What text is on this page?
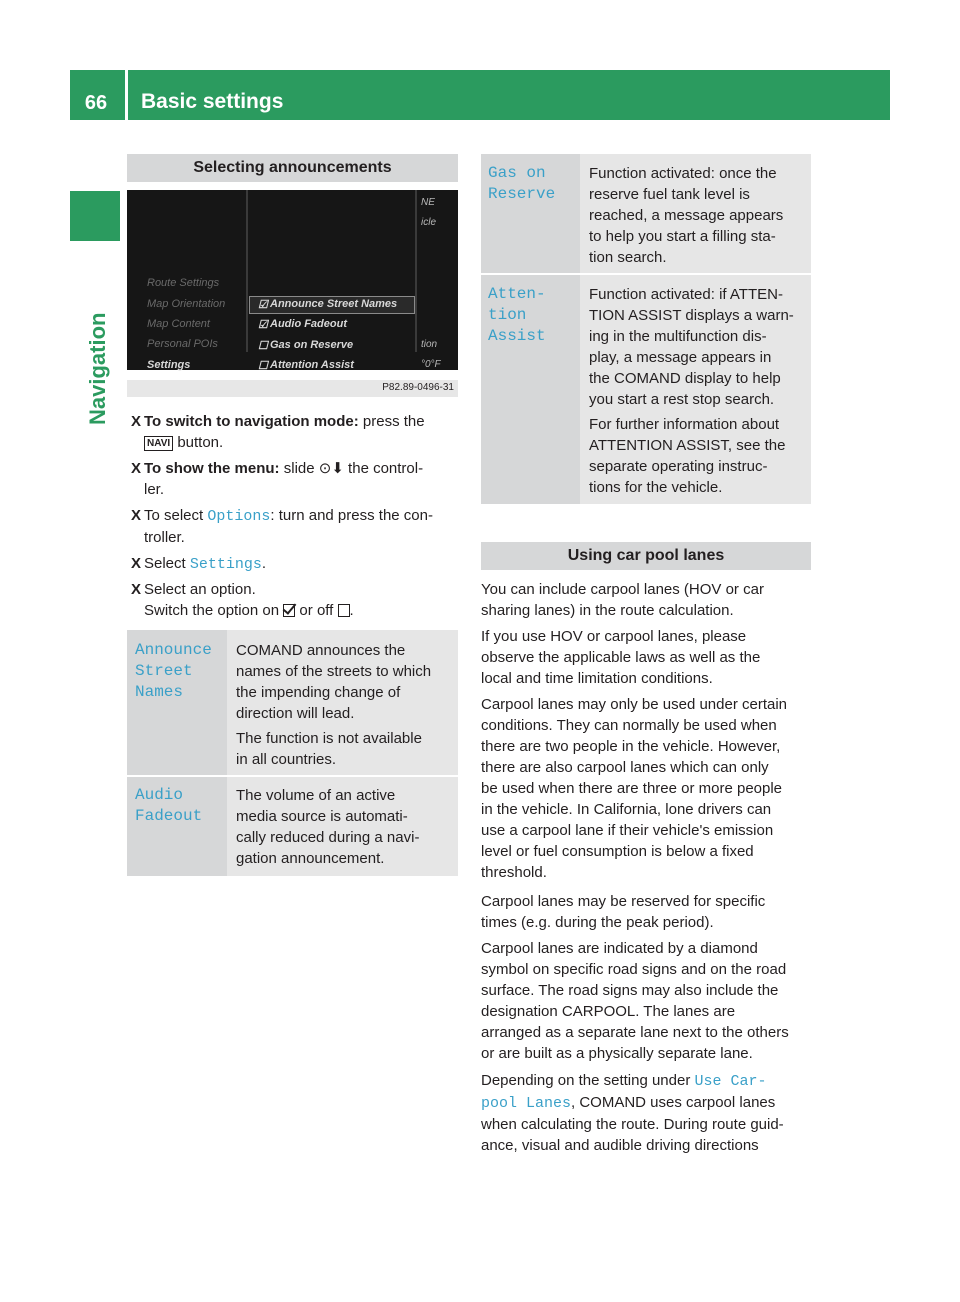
66	Basic settings
Navigation
Selecting announcements
Route Settings
Map Orientation
Map Content
Personal POIs
Settings
☑ Announce Street Names
☑ Audio Fadeout
☐ Gas on Reserve
☐ Attention Assist
NE
icle
tion
°0°F
P82.89-0496-31
X To switch to navigation mode: press the
NAVI button.
X To show the menu: slide ⊙⬇ the control-
ler.
X To select Options: turn and press the con-
troller.
X Select Settings.
X Select an option.
Switch the option on  or off .
Announce
Street
Names

COMAND announces the
names of the streets to which
the impending change of
direction will lead.

The function is not available
in all countries.

Audio
Fadeout

The volume of an active
media source is automati-
cally reduced during a navi-
gation announcement.

Gas on
Reserve

Function activated: once the
reserve fuel tank level is
reached, a message appears
to help you start a filling sta-
tion search.

Atten‐
tion
Assist

Function activated: if ATTEN-
TION ASSIST displays a warn-
ing in the multifunction dis-
play, a message appears in
the COMAND display to help
you start a rest stop search.

For further information about
ATTENTION ASSIST, see the
separate operating instruc-
tions for the vehicle.

Using car pool lanes
You can include carpool lanes (HOV or car
sharing lanes) in the route calculation.
If you use HOV or carpool lanes, please
observe the applicable laws as well as the
local and time limitation conditions.
Carpool lanes may only be used under certain
conditions. They can normally be used when
there are two people in the vehicle. However,
there are also carpool lanes which can only
be used when there are three or more people
in the vehicle. In California, lone drivers can
use a carpool lane if their vehicle's emission
level or fuel consumption is below a fixed
threshold.
Carpool lanes may be reserved for specific
times (e.g. during the peak period).
Carpool lanes are indicated by a diamond
symbol on specific road signs and on the road
surface. The road signs may also include the
designation CARPOOL. The lanes are
arranged as a separate lane next to the others
or are built as a physically separate lane.
Depending on the setting under Use Car‐
pool Lanes, COMAND uses carpool lanes
when calculating the route. During route guid-
ance, visual and audible driving directions
